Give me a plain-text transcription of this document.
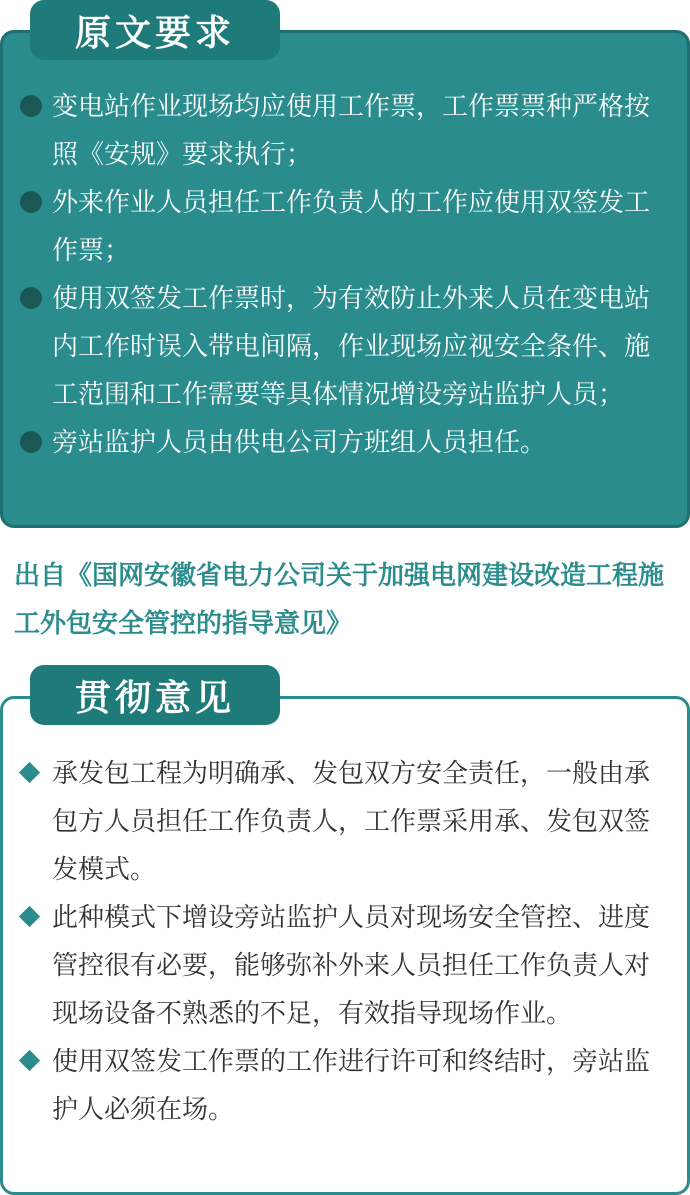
原文要求
变电站作业现场均应使用工作票，工作票票种严格按照《安规》要求执行；
外来作业人员担任工作负责人的工作应使用双签发工作票；
使用双签发工作票时，为有效防止外来人员在变电站内工作时误入带电间隔，作业现场应视安全条件、施工范围和工作需要等具体情况增设旁站监护人员；
旁站监护人员由供电公司方班组人员担任。
出自《国网安徽省电力公司关于加强电网建设改造工程施工外包安全管控的指导意见》
贯彻意见
承发包工程为明确承、发包双方安全责任，一般由承包方人员担任工作负责人，工作票采用承、发包双签发模式。
此种模式下增设旁站监护人员对现场安全管控、进度管控很有必要，能够弥补外来人员担任工作负责人对现场设备不熟悉的不足，有效指导现场作业。
使用双签发工作票的工作进行许可和终结时，旁站监护人必须在场。
